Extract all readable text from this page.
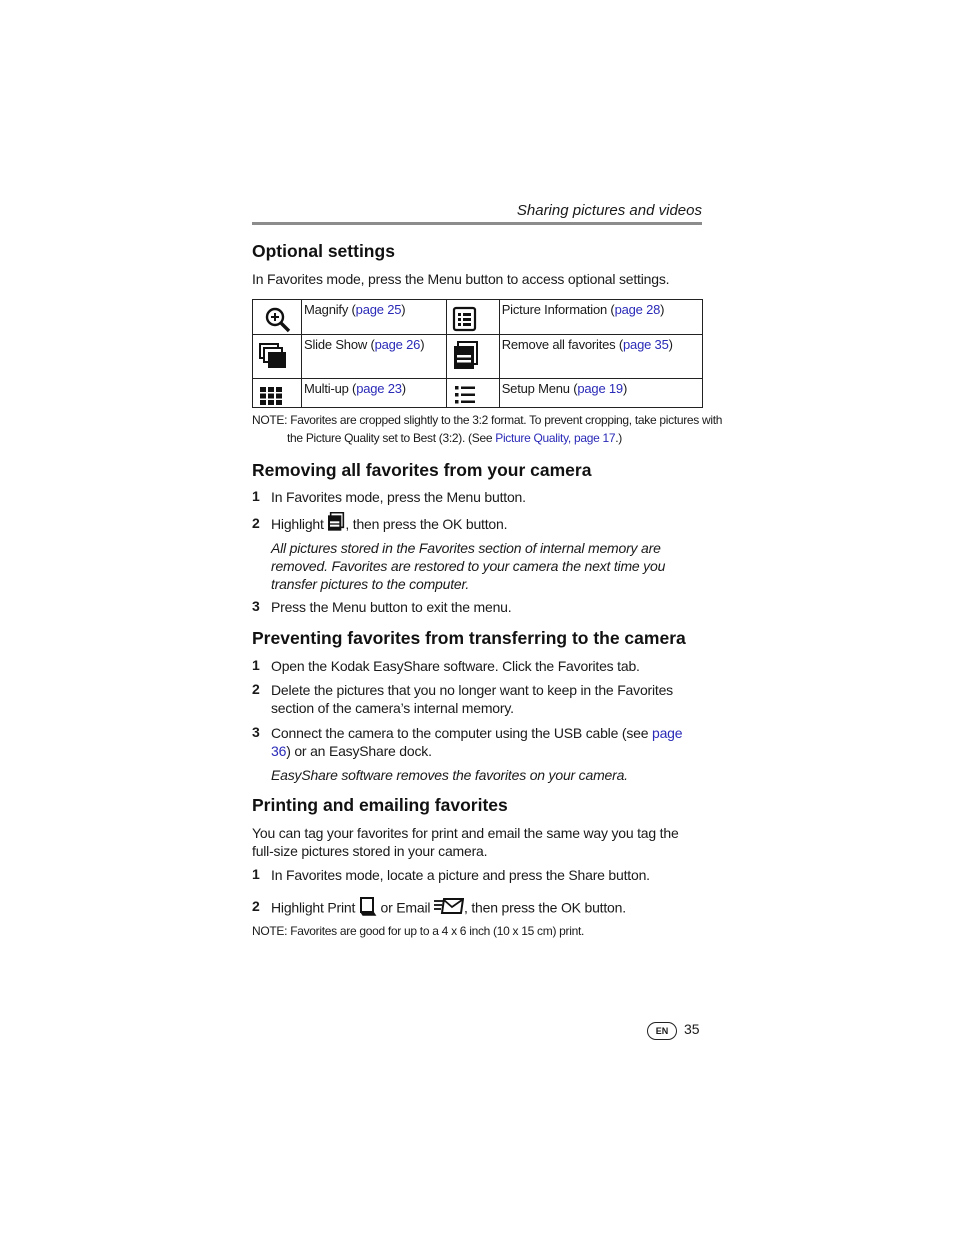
Sharing pictures and videos
Optional settings
In Favorites mode, press the Menu button to access optional settings.
	Magnify (page 25)		Picture Information (page 28)

	Slide Show (page 26)		Remove all favorites (page 35)

	Multi-up (page 23)		Setup Menu (page 19)
NOTE: Favorites are cropped slightly to the 3:2 format. To prevent cropping, take pictures with
the Picture Quality set to Best (3:2). (See Picture Quality, page 17.)
Removing all favorites from your camera
1 In Favorites mode, press the Menu button.
2 Highlight , then press the OK button.
All pictures stored in the Favorites section of internal memory are removed. Favorites are restored to your camera the next time you transfer pictures to the computer.
3 Press the Menu button to exit the menu.
Preventing favorites from transferring to the camera
1 Open the Kodak EasyShare software. Click the Favorites tab.
2 Delete the pictures that you no longer want to keep in the Favorites section of the camera’s internal memory.
3 Connect the camera to the computer using the USB cable (see page 36) or an EasyShare dock.
EasyShare software removes the favorites on your camera.
Printing and emailing favorites
You can tag your favorites for print and email the same way you tag the full-size pictures stored in your camera.
1 In Favorites mode, locate a picture and press the Share button.
2 Highlight Print  or Email , then press the OK button.
NOTE: Favorites are good for up to a 4 x 6 inch (10 x 15 cm) print.
EN	35
